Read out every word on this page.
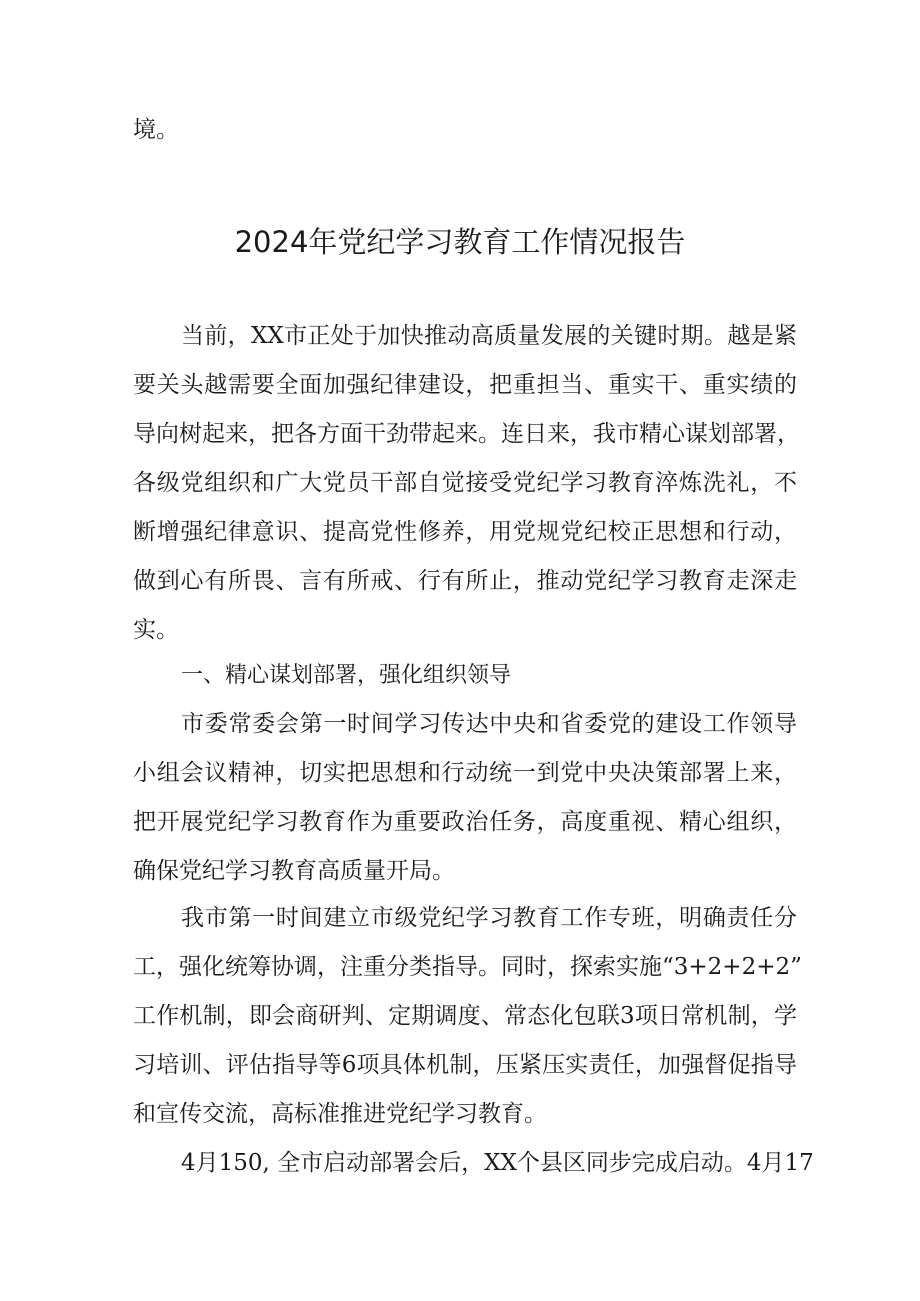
境。
2024年党纪学习教育工作情况报告
当前，XX市正处于加快推动高质量发展的关键时期。越是紧
要关头越需要全面加强纪律建设，把重担当、重实干、重实绩的
导向树起来，把各方面干劲带起来。连日来，我市精心谋划部署，
各级党组织和广大党员干部自觉接受党纪学习教育淬炼洗礼，不
断增强纪律意识、提高党性修养，用党规党纪校正思想和行动，
做到心有所畏、言有所戒、行有所止，推动党纪学习教育走深走
实。
一、精心谋划部署，强化组织领导
市委常委会第一时间学习传达中央和省委党的建设工作领导
小组会议精神，切实把思想和行动统一到党中央决策部署上来，
把开展党纪学习教育作为重要政治任务，高度重视、精心组织，
确保党纪学习教育高质量开局。
我市第一时间建立市级党纪学习教育工作专班，明确责任分
工，强化统筹协调，注重分类指导。同时，探索实施“3+2+2+2”
工作机制，即会商研判、定期调度、常态化包联3项日常机制，学
习培训、评估指导等6项具体机制，压紧压实责任，加强督促指导
和宣传交流，高标准推进党纪学习教育。
4月150, 全市启动部署会后，XX个县区同步完成启动。4月17
